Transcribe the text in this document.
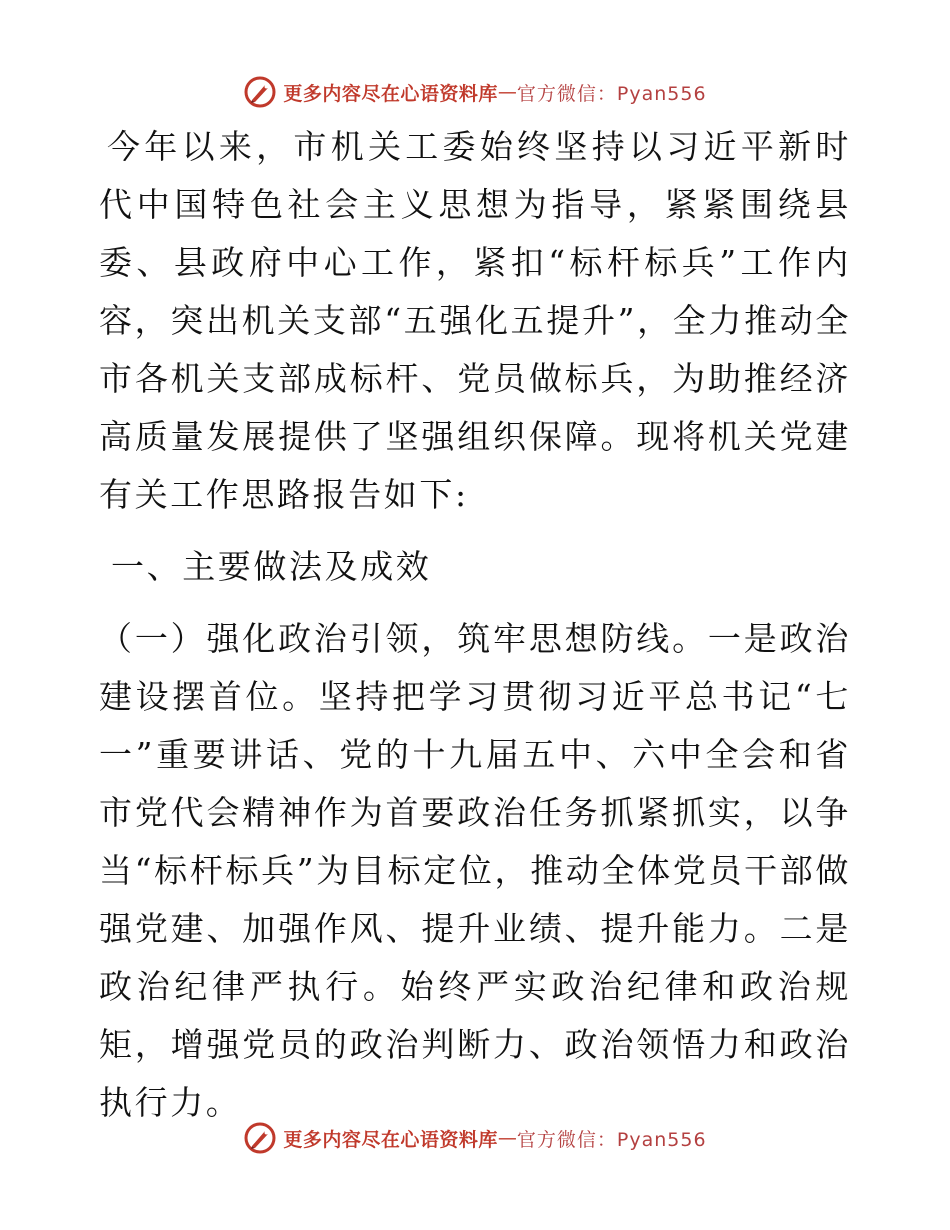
更多内容尽在心语资料库 — 官方微信：Pyan556

今年以来，市机关工委始终坚持以习近平新时代中国特色社会主义思想为指导，紧紧围绕县委、县政府中心工作，紧扣“标杆标兵”工作内容，突出机关支部“五强化五提升”，全力推动全市各机关支部成标杆、党员做标兵，为助推经济高质量发展提供了坚强组织保障。现将机关党建有关工作思路报告如下:

一、主要做法及成效

（一）强化政治引领，筑牢思想防线。一是政治建设摆首位。坚持把学习贯彻习近平总书记“七一”重要讲话、党的十九届五中、六中全会和省市党代会精神作为首要政治任务抓紧抓实，以争当“标杆标兵”为目标定位，推动全体党员干部做强党建、加强作风、提升业绩、提升能力。二是政治纪律严执行。始终严实政治纪律和政治规矩，增强党员的政治判断力、政治领悟力和政治执行力。

更多内容尽在心语资料库 — 官方微信：Pyan556
